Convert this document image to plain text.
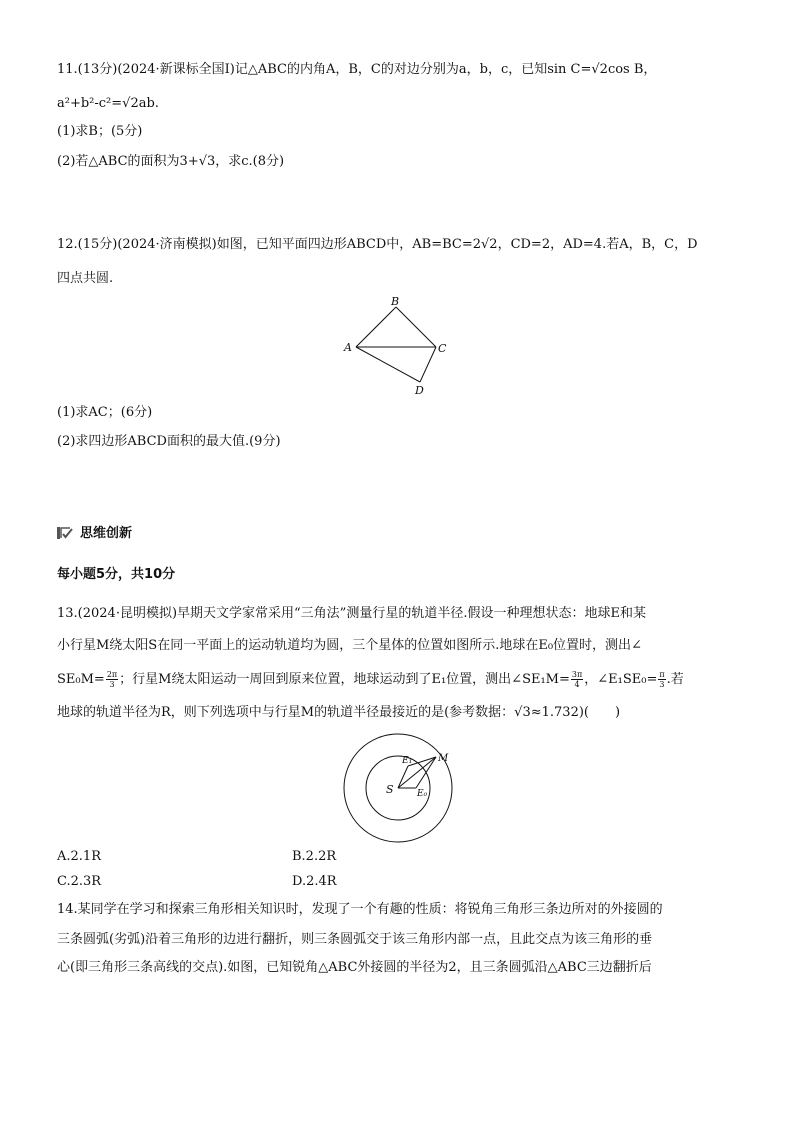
11.(13分)(2024·新课标全国Ⅰ)记△ABC的内角A，B，C的对边分别为a，b，c，已知sin C=√2cos B，
a²+b²-c²=√2ab.
(1)求B；(5分)
(2)若△ABC的面积为3+√3，求c.(8分)
12.(15分)(2024·济南模拟)如图，已知平面四边形ABCD中，AB=BC=2√2，CD=2，AD=4.若A，B，C，D
四点共圆.
B
A	C
D
(1)求AC；(6分)
(2)求四边形ABCD面积的最大值.(9分)
思维创新
每小题5分，共10分
13.(2024·昆明模拟)早期天文学家常采用“三角法”测量行星的轨道半径.假设一种理想状态：地球E和某
小行星M绕太阳S在同一平面上的运动轨道均为圆，三个星体的位置如图所示.地球在E₀位置时，测出∠
$SE_0M= \frac{2\pi}{3}$ ；行星M绕太阳运动一周回到原来位置，地球运动到了E₁位置，测出∠SE₁M= $\frac{3\pi}{4}$ ，∠E₁SE₀= $\frac{\pi}{3}$ .若
地球的轨道半径为R，则下列选项中与行星M的轨道半径最接近的是(参考数据：√3≈1.732)(　　)
S
E₁	M
E₀
A.2.1R	B.2.2R
C.2.3R	D.2.4R
14.某同学在学习和探索三角形相关知识时，发现了一个有趣的性质：将锐角三角形三条边所对的外接圆的
三条圆弧(劣弧)沿着三角形的边进行翻折，则三条圆弧交于该三角形内部一点，且此交点为该三角形的垂
心(即三角形三条高线的交点).如图，已知锐角△ABC外接圆的半径为2，且三条圆弧沿△ABC三边翻折后
